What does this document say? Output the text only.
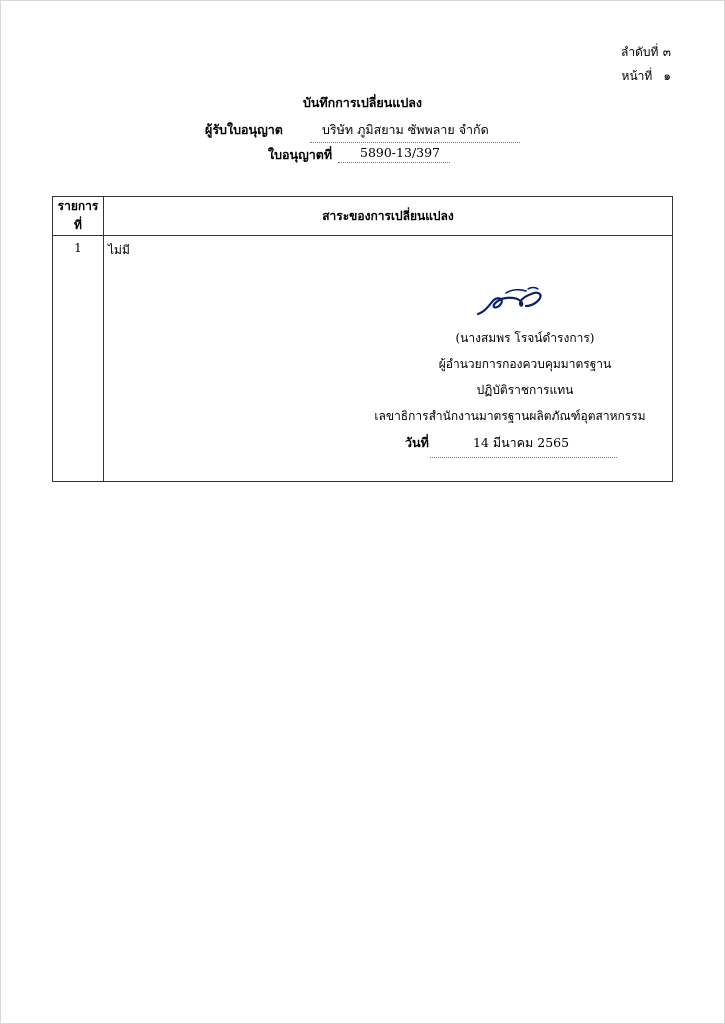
ลำดับที่ ๓
หน้าที่ ๑
บันทึกการเปลี่ยนแปลง
ผู้รับใบอนุญาต	บริษัท ภูมิสยาม ซัพพลาย จำกัด
ใบอนุญาตที่	5890-13/397
รายการที่	สาระของการเปลี่ยนแปลง
1	ไม่มี
(นางสมพร โรจน์ดำรงการ)
ผู้อำนวยการกองควบคุมมาตรฐาน
ปฏิบัติราชการแทน
เลขาธิการสำนักงานมาตรฐานผลิตภัณฑ์อุตสาหกรรม
วันที่	14 มีนาคม 2565
